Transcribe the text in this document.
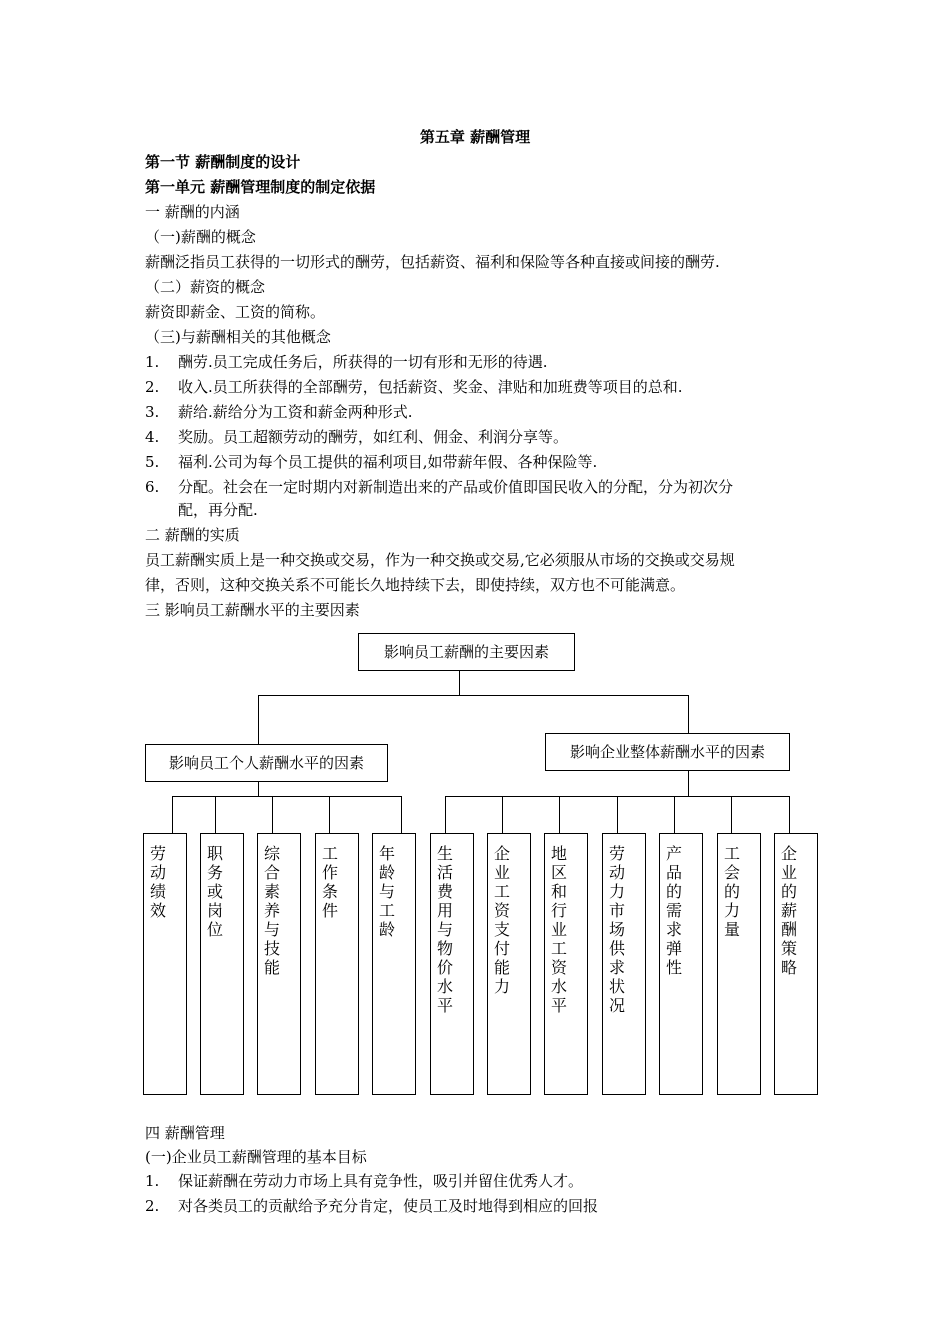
第五章 薪酬管理
第一节 薪酬制度的设计
第一单元 薪酬管理制度的制定依据
一 薪酬的内涵
（一)薪酬的概念
薪酬泛指员工获得的一切形式的酬劳，包括薪资、福利和保险等各种直接或间接的酬劳.
（二）薪资的概念
薪资即薪金、工资的简称。
（三)与薪酬相关的其他概念
1. 酬劳.员工完成任务后，所获得的一切有形和无形的待遇.
2. 收入.员工所获得的全部酬劳，包括薪资、奖金、津贴和加班费等项目的总和.
3. 薪给.薪给分为工资和薪金两种形式.
4. 奖励。员工超额劳动的酬劳，如红利、佣金、利润分享等。
5. 福利.公司为每个员工提供的福利项目,如带薪年假、各种保险等.
6. 分配。社会在一定时期内对新制造出来的产品或价值即国民收入的分配，分为初次分
配，再分配.
二 薪酬的实质
员工薪酬实质上是一种交换或交易，作为一种交换或交易,它必须服从市场的交换或交易规
律，否则，这种交换关系不可能长久地持续下去，即使持续，双方也不可能满意。
三 影响员工薪酬水平的主要因素
影响员工薪酬的主要因素
影响员工个人薪酬水平的因素
影响企业整体薪酬水平的因素
劳动绩效
职务或岗位
综合素养与技能
工作条件
年龄与工龄
生活费用与物价水平
企业工资支付能力
地区和行业工资水平
劳动力市场供求状况
产品的需求弹性
工会的力量
企业的薪酬策略
四 薪酬管理
(一)企业员工薪酬管理的基本目标
1. 保证薪酬在劳动力市场上具有竞争性，吸引并留住优秀人才。
2. 对各类员工的贡献给予充分肯定，使员工及时地得到相应的回报
